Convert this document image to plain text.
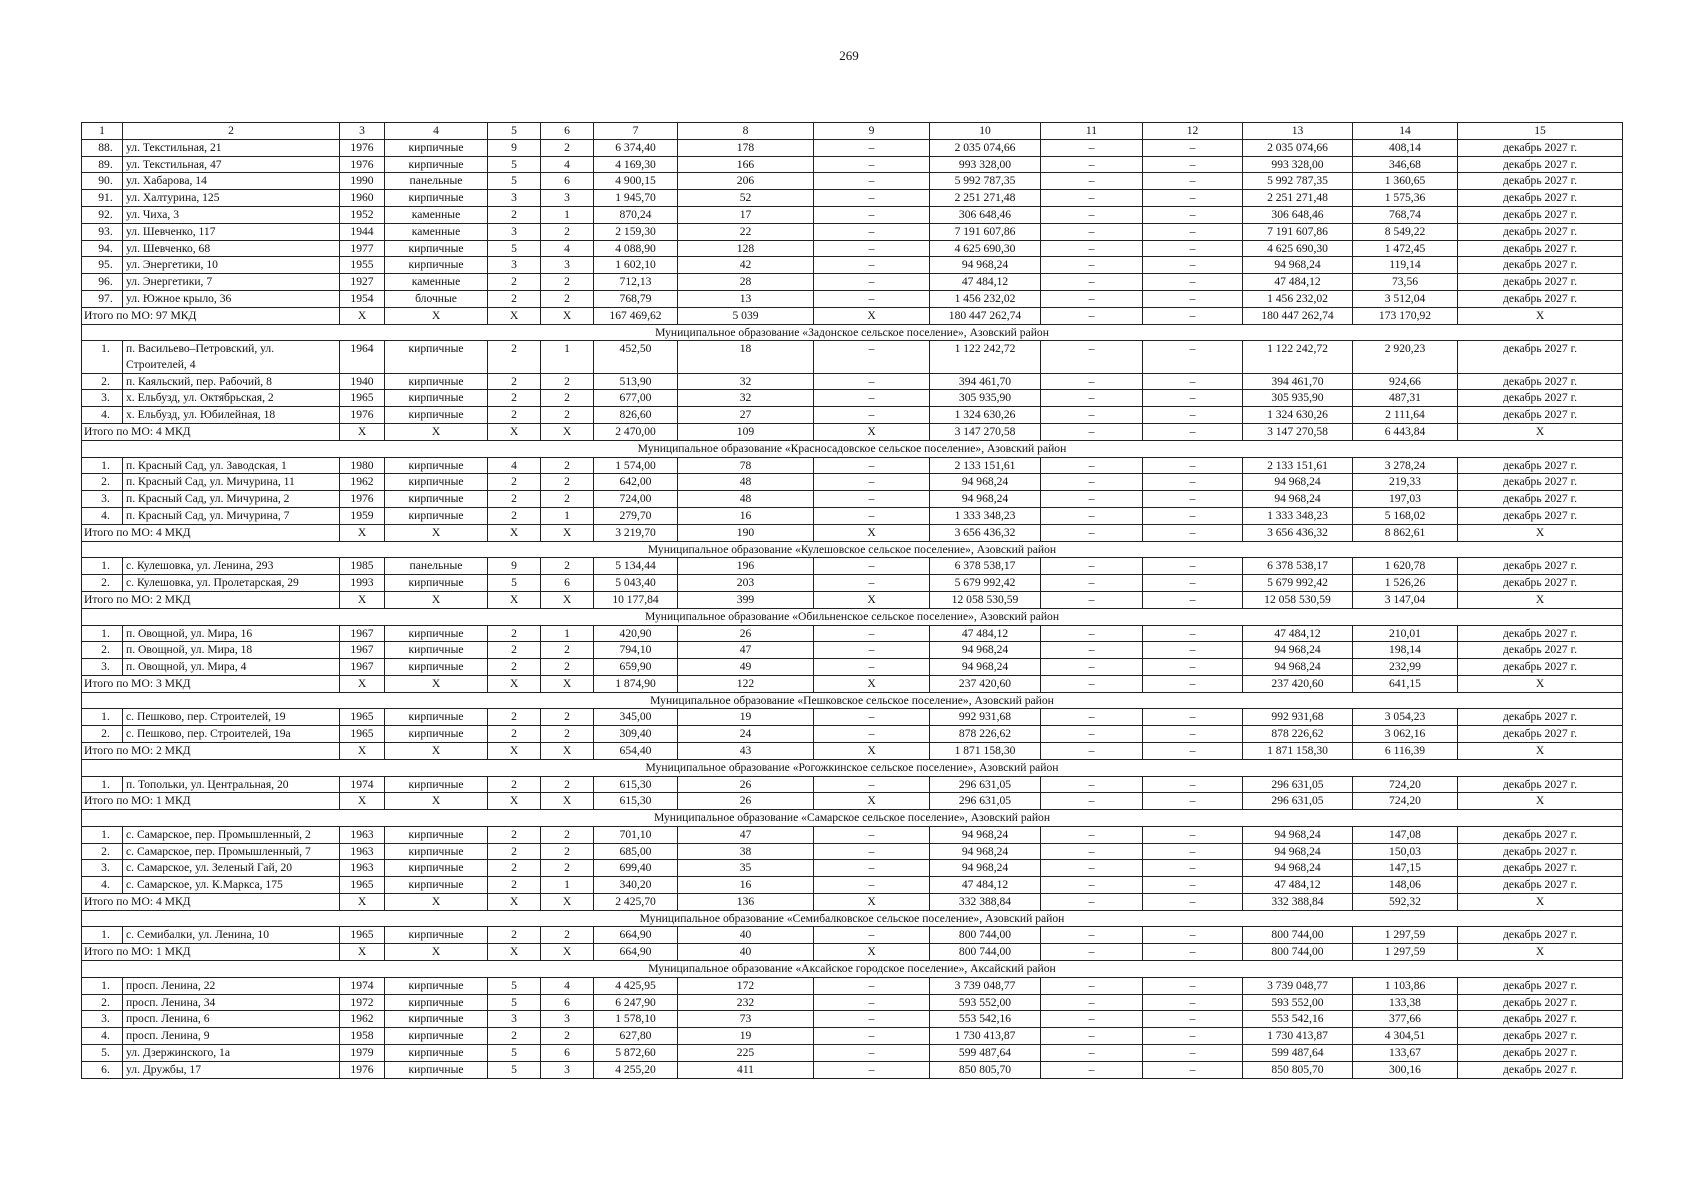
269
1	2	3	4	5	6	7	8	9	10	11	12	13	14	15
88.	ул. Текстильная, 21	1976	кирпичные	9	2	6 374,40	178	–	2 035 074,66	–	–	2 035 074,66	408,14	декабрь 2027 г.
89.	ул. Текстильная, 47	1976	кирпичные	5	4	4 169,30	166	–	993 328,00	–	–	993 328,00	346,68	декабрь 2027 г.
90.	ул. Хабарова, 14	1990	панельные	5	6	4 900,15	206	–	5 992 787,35	–	–	5 992 787,35	1 360,65	декабрь 2027 г.
91.	ул. Халтурина, 125	1960	кирпичные	3	3	1 945,70	52	–	2 251 271,48	–	–	2 251 271,48	1 575,36	декабрь 2027 г.
92.	ул. Чиха, 3	1952	каменные	2	1	870,24	17	–	306 648,46	–	–	306 648,46	768,74	декабрь 2027 г.
93.	ул. Шевченко, 117	1944	каменные	3	2	2 159,30	22	–	7 191 607,86	–	–	7 191 607,86	8 549,22	декабрь 2027 г.
94.	ул. Шевченко, 68	1977	кирпичные	5	4	4 088,90	128	–	4 625 690,30	–	–	4 625 690,30	1 472,45	декабрь 2027 г.
95.	ул. Энергетики, 10	1955	кирпичные	3	3	1 602,10	42	–	94 968,24	–	–	94 968,24	119,14	декабрь 2027 г.
96.	ул. Энергетики, 7	1927	каменные	2	2	712,13	28	–	47 484,12	–	–	47 484,12	73,56	декабрь 2027 г.
97.	ул. Южное крыло, 36	1954	блочные	2	2	768,79	13	–	1 456 232,02	–	–	1 456 232,02	3 512,04	декабрь 2027 г.
Итого по МО: 97 МКД		X	X	X	X	167 469,62	5 039	X	180 447 262,74	–	–	180 447 262,74	173 170,92	X
Муниципальное образование «Задонское сельское поселение», Азовский район														
1.	п. Васильево–Петровский, ул. Строителей, 4	1964	кирпичные	2	1	452,50	18	–	1 122 242,72	–	–	1 122 242,72	2 920,23	декабрь 2027 г.
2.	п. Каяльский, пер. Рабочий, 8	1940	кирпичные	2	2	513,90	32	–	394 461,70	–	–	394 461,70	924,66	декабрь 2027 г.
3.	х. Ельбузд, ул. Октябрьская, 2	1965	кирпичные	2	2	677,00	32	–	305 935,90	–	–	305 935,90	487,31	декабрь 2027 г.
4.	х. Ельбузд, ул. Юбилейная, 18	1976	кирпичные	2	2	826,60	27	–	1 324 630,26	–	–	1 324 630,26	2 111,64	декабрь 2027 г.
Итого по МО: 4 МКД		X	X	X	X	2 470,00	109	X	3 147 270,58	–	–	3 147 270,58	6 443,84	X
Муниципальное образование «Красносадовское сельское поселение», Азовский район														
1.	п. Красный Сад, ул. Заводская, 1	1980	кирпичные	4	2	1 574,00	78	–	2 133 151,61	–	–	2 133 151,61	3 278,24	декабрь 2027 г.
2.	п. Красный Сад, ул. Мичурина, 11	1962	кирпичные	2	2	642,00	48	–	94 968,24	–	–	94 968,24	219,33	декабрь 2027 г.
3.	п. Красный Сад, ул. Мичурина, 2	1976	кирпичные	2	2	724,00	48	–	94 968,24	–	–	94 968,24	197,03	декабрь 2027 г.
4.	п. Красный Сад, ул. Мичурина, 7	1959	кирпичные	2	1	279,70	16	–	1 333 348,23	–	–	1 333 348,23	5 168,02	декабрь 2027 г.
Итого по МО: 4 МКД		X	X	X	X	3 219,70	190	X	3 656 436,32	–	–	3 656 436,32	8 862,61	X
Муниципальное образование «Кулешовское сельское поселение», Азовский район														
1.	с. Кулешовка, ул. Ленина, 293	1985	панельные	9	2	5 134,44	196	–	6 378 538,17	–	–	6 378 538,17	1 620,78	декабрь 2027 г.
2.	с. Кулешовка, ул. Пролетарская, 29	1993	кирпичные	5	6	5 043,40	203	–	5 679 992,42	–	–	5 679 992,42	1 526,26	декабрь 2027 г.
Итого по МО: 2 МКД		X	X	X	X	10 177,84	399	X	12 058 530,59	–	–	12 058 530,59	3 147,04	X
Муниципальное образование «Обильненское сельское поселение», Азовский район														
1.	п. Овощной, ул. Мира, 16	1967	кирпичные	2	1	420,90	26	–	47 484,12	–	–	47 484,12	210,01	декабрь 2027 г.
2.	п. Овощной, ул. Мира, 18	1967	кирпичные	2	2	794,10	47	–	94 968,24	–	–	94 968,24	198,14	декабрь 2027 г.
3.	п. Овощной, ул. Мира, 4	1967	кирпичные	2	2	659,90	49	–	94 968,24	–	–	94 968,24	232,99	декабрь 2027 г.
Итого по МО: 3 МКД		X	X	X	X	1 874,90	122	X	237 420,60	–	–	237 420,60	641,15	X
Муниципальное образование «Пешковское сельское поселение», Азовский район														
1.	с. Пешково, пер. Строителей, 19	1965	кирпичные	2	2	345,00	19	–	992 931,68	–	–	992 931,68	3 054,23	декабрь 2027 г.
2.	с. Пешково, пер. Строителей, 19а	1965	кирпичные	2	2	309,40	24	–	878 226,62	–	–	878 226,62	3 062,16	декабрь 2027 г.
Итого по МО: 2 МКД		X	X	X	X	654,40	43	X	1 871 158,30	–	–	1 871 158,30	6 116,39	X
Муниципальное образование «Рогожкинское сельское поселение», Азовский район														
1.	п. Топольки, ул. Центральная, 20	1974	кирпичные	2	2	615,30	26	–	296 631,05	–	–	296 631,05	724,20	декабрь 2027 г.
Итого по МО: 1 МКД		X	X	X	X	615,30	26	X	296 631,05	–	–	296 631,05	724,20	X
Муниципальное образование «Самарское сельское поселение», Азовский район														
1.	с. Самарское, пер. Промышленный, 2	1963	кирпичные	2	2	701,10	47	–	94 968,24	–	–	94 968,24	147,08	декабрь 2027 г.
2.	с. Самарское, пер. Промышленный, 7	1963	кирпичные	2	2	685,00	38	–	94 968,24	–	–	94 968,24	150,03	декабрь 2027 г.
3.	с. Самарское, ул. Зеленый Гай, 20	1963	кирпичные	2	2	699,40	35	–	94 968,24	–	–	94 968,24	147,15	декабрь 2027 г.
4.	с. Самарское, ул. К.Маркса, 175	1965	кирпичные	2	1	340,20	16	–	47 484,12	–	–	47 484,12	148,06	декабрь 2027 г.
Итого по МО: 4 МКД		X	X	X	X	2 425,70	136	X	332 388,84	–	–	332 388,84	592,32	X
Муниципальное образование «Семибалковское сельское поселение», Азовский район														
1.	с. Семибалки, ул. Ленина, 10	1965	кирпичные	2	2	664,90	40	–	800 744,00	–	–	800 744,00	1 297,59	декабрь 2027 г.
Итого по МО: 1 МКД		X	X	X	X	664,90	40	X	800 744,00	–	–	800 744,00	1 297,59	X
Муниципальное образование «Аксайское городское поселение», Аксайский район														
1.	просп. Ленина, 22	1974	кирпичные	5	4	4 425,95	172	–	3 739 048,77	–	–	3 739 048,77	1 103,86	декабрь 2027 г.
2.	просп. Ленина, 34	1972	кирпичные	5	6	6 247,90	232	–	593 552,00	–	–	593 552,00	133,38	декабрь 2027 г.
3.	просп. Ленина, 6	1962	кирпичные	3	3	1 578,10	73	–	553 542,16	–	–	553 542,16	377,66	декабрь 2027 г.
4.	просп. Ленина, 9	1958	кирпичные	2	2	627,80	19	–	1 730 413,87	–	–	1 730 413,87	4 304,51	декабрь 2027 г.
5.	ул. Дзержинского, 1а	1979	кирпичные	5	6	5 872,60	225	–	599 487,64	–	–	599 487,64	133,67	декабрь 2027 г.
6.	ул. Дружбы, 17	1976	кирпичные	5	3	4 255,20	411	–	850 805,70	–	–	850 805,70	300,16	декабрь 2027 г.
